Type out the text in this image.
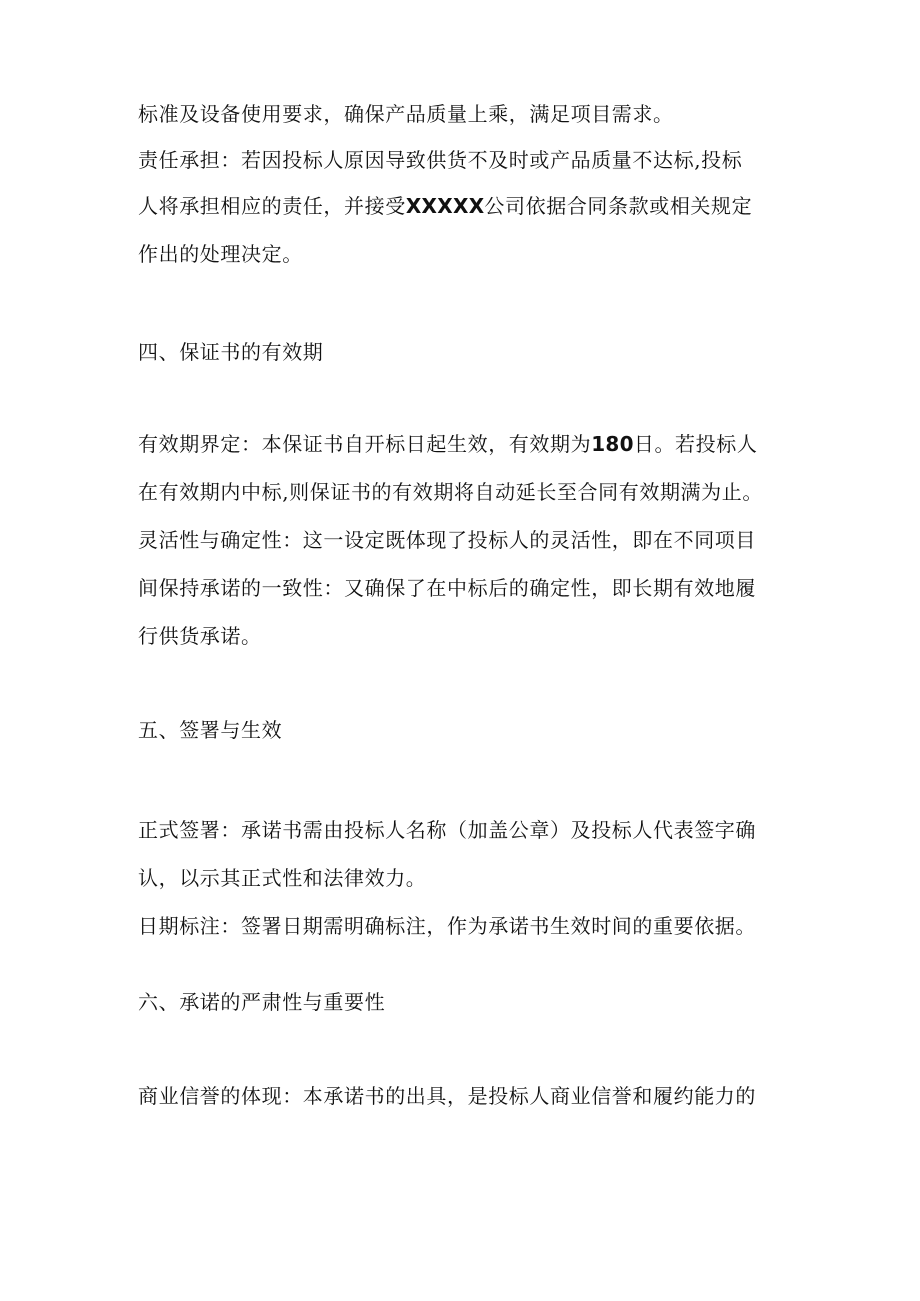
标准及设备使用要求，确保产品质量上乘，满足项目需求。
责任承担：若因投标人原因导致供货不及时或产品质量不达标,投标
人将承担相应的责任，并接受XXXXX公司依据合同条款或相关规定
作出的处理决定。
四、保证书的有效期
有效期界定：本保证书自开标日起生效，有效期为180日。若投标人
在有效期内中标,则保证书的有效期将自动延长至合同有效期满为止。
灵活性与确定性：这一设定既体现了投标人的灵活性，即在不同项目
间保持承诺的一致性：又确保了在中标后的确定性，即长期有效地履
行供货承诺。
五、签署与生效
正式签署：承诺书需由投标人名称（加盖公章）及投标人代表签字确
认，以示其正式性和法律效力。
日期标注：签署日期需明确标注，作为承诺书生效时间的重要依据。
六、承诺的严肃性与重要性
商业信誉的体现：本承诺书的出具，是投标人商业信誉和履约能力的
